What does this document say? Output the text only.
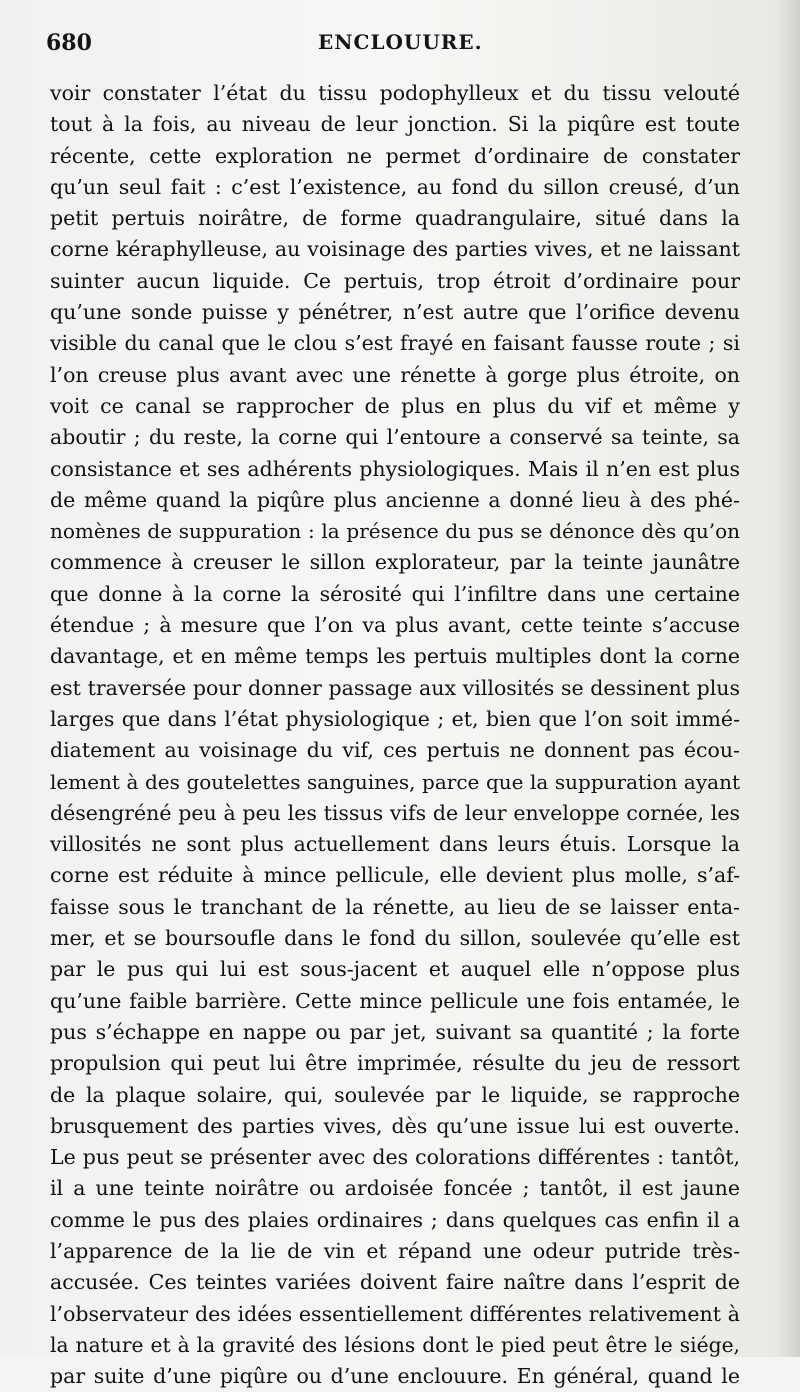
680	ENCLOUURE.
voir constater l’état du tissu podophylleux et du tissu velouté
tout à la fois, au niveau de leur jonction. Si la piqûre est toute
récente, cette exploration ne permet d’ordinaire de constater
qu’un seul fait : c’est l’existence, au fond du sillon creusé, d’un
petit pertuis noirâtre, de forme quadrangulaire, situé dans la
corne kéraphylleuse, au voisinage des parties vives, et ne laissant
suinter aucun liquide. Ce pertuis, trop étroit d’ordinaire pour
qu’une sonde puisse y pénétrer, n’est autre que l’orifice devenu
visible du canal que le clou s’est frayé en faisant fausse route ; si
l’on creuse plus avant avec une rénette à gorge plus étroite, on
voit ce canal se rapprocher de plus en plus du vif et même y
aboutir ; du reste, la corne qui l’entoure a conservé sa teinte, sa
consistance et ses adhérents physiologiques. Mais il n’en est plus
de même quand la piqûre plus ancienne a donné lieu à des phé-
nomènes de suppuration : la présence du pus se dénonce dès qu’on
commence à creuser le sillon explorateur, par la teinte jaunâtre
que donne à la corne la sérosité qui l’infiltre dans une certaine
étendue ; à mesure que l’on va plus avant, cette teinte s’accuse
davantage, et en même temps les pertuis multiples dont la corne
est traversée pour donner passage aux villosités se dessinent plus
larges que dans l’état physiologique ; et, bien que l’on soit immé-
diatement au voisinage du vif, ces pertuis ne donnent pas écou-
lement à des goutelettes sanguines, parce que la suppuration ayant
désengréné peu à peu les tissus vifs de leur enveloppe cornée, les
villosités ne sont plus actuellement dans leurs étuis. Lorsque la
corne est réduite à mince pellicule, elle devient plus molle, s’af-
faisse sous le tranchant de la rénette, au lieu de se laisser enta-
mer, et se boursoufle dans le fond du sillon, soulevée qu’elle est
par le pus qui lui est sous-jacent et auquel elle n’oppose plus
qu’une faible barrière. Cette mince pellicule une fois entamée, le
pus s’échappe en nappe ou par jet, suivant sa quantité ; la forte
propulsion qui peut lui être imprimée, résulte du jeu de ressort
de la plaque solaire, qui, soulevée par le liquide, se rapproche
brusquement des parties vives, dès qu’une issue lui est ouverte.
Le pus peut se présenter avec des colorations différentes : tantôt,
il a une teinte noirâtre ou ardoisée foncée ; tantôt, il est jaune
comme le pus des plaies ordinaires ; dans quelques cas enfin il a
l’apparence de la lie de vin et répand une odeur putride très-
accusée. Ces teintes variées doivent faire naître dans l’esprit de
l’observateur des idées essentiellement différentes relativement à
la nature et à la gravité des lésions dont le pied peut être le siége,
par suite d’une piqûre ou d’une enclouure. En général, quand le
